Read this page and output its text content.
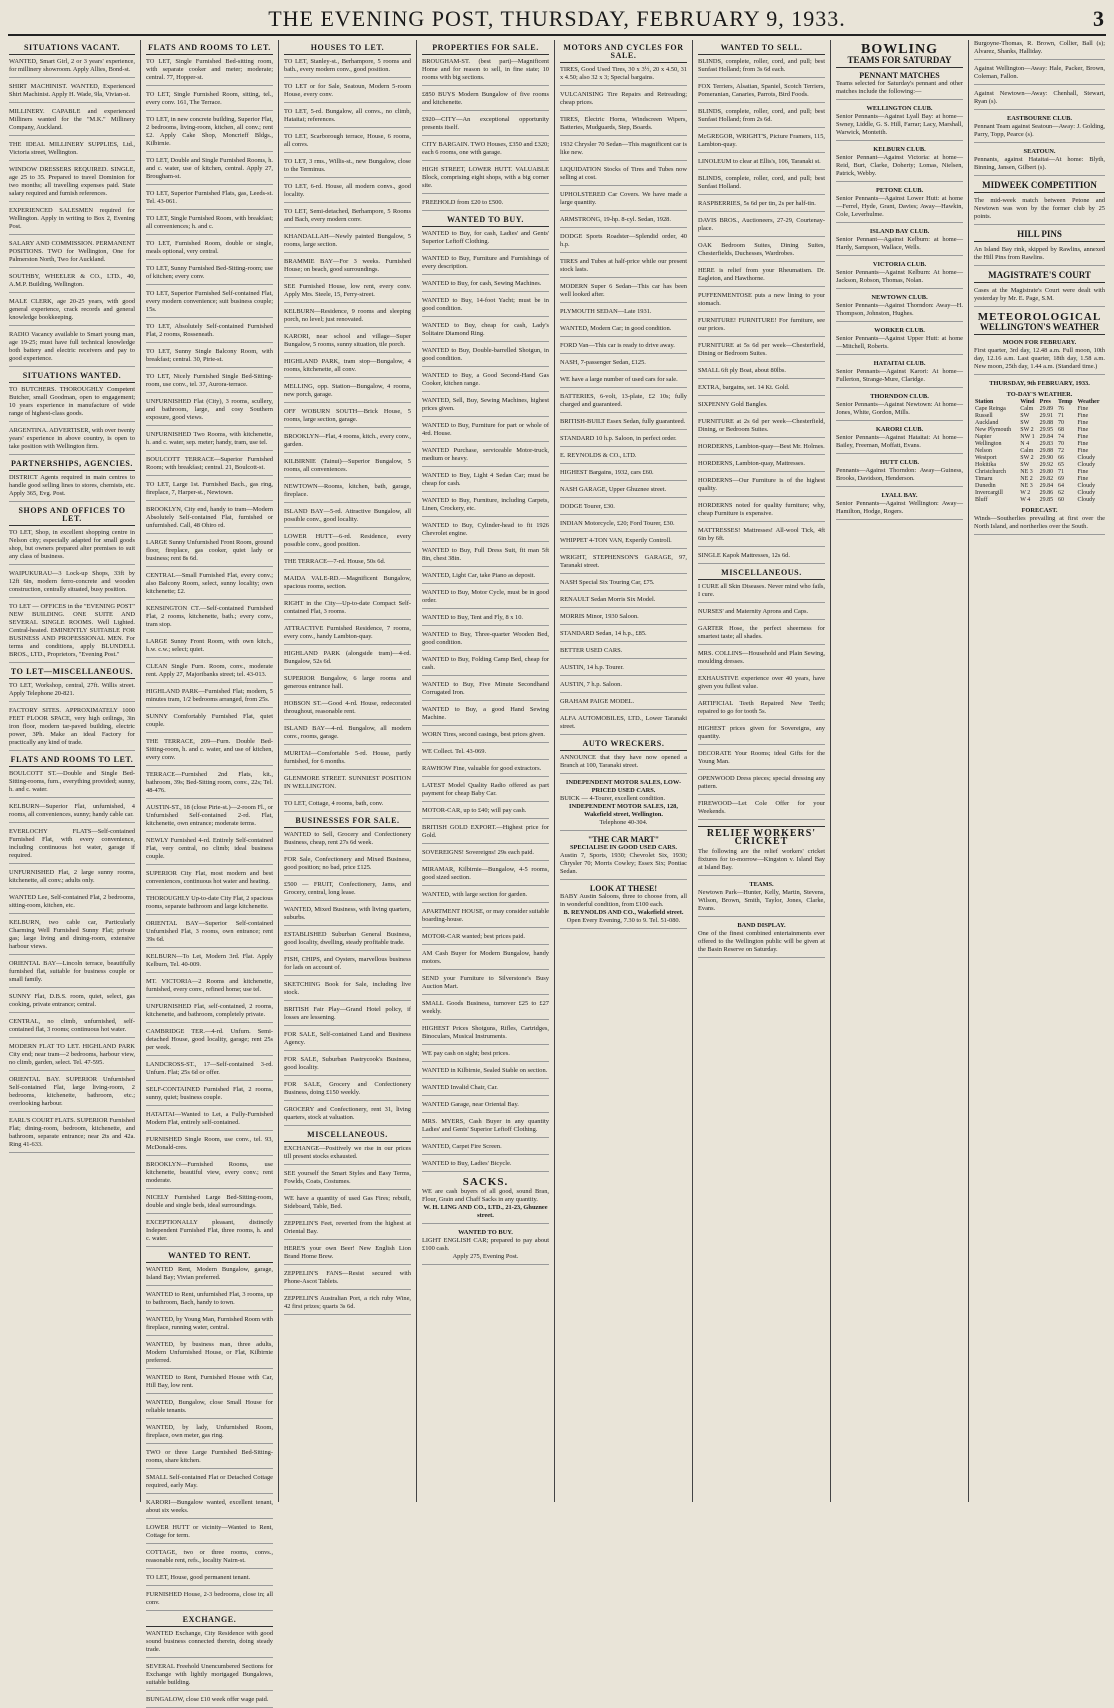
THE EVENING POST, THURSDAY, FEBRUARY 9, 1933.	3
SITUATIONS VACANT.
WANTED, Smart Girl, 2 or 3 years' experience, for millinery showroom. Apply Allies, Bond-st.
SHIRT MACHINIST. WANTED, Experienced Shirt Machinist. Apply H. Wade, 9la, Vivian-st.
MILLINERY. CAPABLE and experienced Milliners wanted for the "M.K." Millinery Company, Auckland.
THE IDEAL MILLINERY SUPPLIES, Ltd., Victoria street, Wellington.
WINDOW DRESSERS REQUIRED. SINGLE, age 25 to 35. Prepared to travel Dominion for two months; all travelling expenses paid. State salary required and furnish references.
EXPERIENCED SALESMEN required for Wellington. Apply in writing to Box 2, Evening Post.
SALARY AND COMMISSION. PERMANENT POSITIONS. TWO for Wellington, One for Palmerston North, Two for Auckland.
SOUTHBY, WHEELER & CO., LTD., 40, A.M.P. Building, Wellington.
MALE CLERK, age 20-25 years, with good general experience, crack records and general knowledge bookkeeping.
RADIO Vacancy available to Smart young man, age 19-25; must have full technical knowledge both battery and electric receivers and pay to good experience.
SITUATIONS WANTED.
TO BUTCHERS. THOROUGHLY Competent Butcher, small Goodman, open to engagement; 10 years experience in manufacture of wide range of highest-class goods.
ARGENTINA. ADVERTISER, with over twenty years' experience in above country, is open to take position with Wellington firm.
PARTNERSHIPS, AGENCIES.
DISTRICT Agents required in main centres to handle good selling lines to stores, chemists, etc. Apply 365, Evg. Post.
SHOPS AND OFFICES TO LET.
TO LET, Shop, in excellent shopping centre in Nelson city; especially adapted for small goods shop, but owners prepared alter premises to suit any class of business.
WAIPUKURAU—3 Lock-up Shops, 33ft by 12ft 6in, modern ferro-concrete and wooden construction, centrally situated, busy position.
TO LET — OFFICES in the "EVENING POST" NEW BUILDING. ONE SUITE AND SEVERAL SINGLE ROOMS. Well Lighted. Central-heated. EMINENTLY SUITABLE FOR BUSINESS AND PROFESSIONAL MEN. For terms and conditions, apply BLUNDELL BROS., LTD., Proprietors, "Evening Post."
TO LET—MISCELLANEOUS.
TO LET, Workshop, central, 27ft. Willis street. Apply Telephone 20-821.
FACTORY SITES. APPROXIMATELY 1000 FEET FLOOR SPACE, very high ceilings, 3in iron floor, modern tar-paved building, electric power, 3Ph. Make an ideal Factory for practically any kind of trade.
FLATS AND ROOMS TO LET.
BOULCOTT ST.—Double and Single Bed-Sitting-rooms, furn., everything provided; sunny, h. and c. water.
KELBURN—Superior Flat, unfurnished, 4 rooms, all conveniences, sunny; handy cable car.
EVERLOCHY FLATS—Self-contained Furnished Flat, with every convenience, including continuous hot water, garage if required.
UNFURNISHED Flat, 2 large sunny rooms, kitchenette, all conv.; adults only.
WANTED Lee, Self-contained Flat, 2 bedrooms, sitting-room, kitchen, etc.
KELBURN, two cable car, Particularly Charming Well Furnished Sunny Flat; private gas; large living and dining-room, extensive harbour views.
ORIENTAL BAY—Lincoln terrace, beautifully furnished flat, suitable for business couple or small family.
SUNNY Flat, D.B.S. room, quiet, select, gas cooking, private entrance; central.
CENTRAL, no climb, unfurnished, self-contained flat, 3 rooms; continuous hot water.
MODERN FLAT TO LET. HIGHLAND PARK City end; near tram—2 bedrooms, harbour view, no climb, garden, select. Tel. 47-595.
ORIENTAL BAY. SUPERIOR Unfurnished Self-contained Flat, large living-room, 2 bedrooms, kitchenette, bathroom, etc.; overlooking harbour.
EARL'S COURT FLATS. SUPERIOR Furnished Flat; dining-room, bedroom, kitchenette, and bathroom, separate entrance; near 2ts and 42a. Ring 41-633.
FLATS AND ROOMS TO LET.
TO LET, Single Furnished Bed-sitting room, with separate cooker and meter; moderate; central. 77, Hopper-st.
TO LET, Single Furnished Room, sitting, tel., every conv. 161, The Terrace.
TO LET, in new concrete building, Superior Flat, 2 bedrooms, living-room, kitchen, all conv.; rent £2. Apply Cake Shop, Moncrieff Bldgs., Kilbirnie.
TO LET, Double and Single Furnished Rooms, h. and c. water, use of kitchen, central. Apply 27, Brougham-st.
TO LET, Superior Furnished Flats, gas, Leeds-st. Tel. 43-061.
TO LET, Single Furnished Room, with breakfast; all conveniences; h. and c.
TO LET, Furnished Room, double or single, meals optional, very central.
TO LET, Sunny Furnished Bed-Sitting-room; use of kitchen; every conv.
TO LET, Superior Furnished Self-contained Flat, every modern convenience; suit business couple; 15s.
TO LET, Absolutely Self-contained Furnished Flat, 2 rooms, Rosseneath.
TO LET, Sunny Single Balcony Room, with breakfast; central. 30, Pirie-st.
TO LET, Nicely Furnished Single Bed-Sitting-room, use conv., tel. 37, Aurora-terrace.
UNFURNISHED Flat (City), 3 rooms, scullery, and bathroom, large, and cosy Southern exposure, good views.
UNFURNISHED Two Rooms, with kitchenette, h. and c. water, sep. meter; handy, tram, use tel.
BOULCOTT TERRACE—Superior Furnished Room; with breakfast; central. 21, Boulcott-st.
TO LET, Large 1st. Furnished Bach., gas ring, fireplace, 7, Harper-st., Newtown.
BROOKLYN, City end, handy to tram—Modern Absolutely Self-contained Flat, furnished or unfurnished. Call, 48 Ohiro rd.
LARGE Sunny Unfurnished Front Room, ground floor, fireplace, gas cooker, quiet lady or business; rent 8s 6d.
CENTRAL—Small Furnished Flat, every conv.; also Balcony Room, select, sunny locality; own kitchenette; £2.
KENSINGTON CT.—Self-contained Furnished Flat, 2 rooms, kitchenette, bath.; every conv., tram stop.
LARGE Sunny Front Room, with own kitch., h.w. c.w.; select; quiet.
CLEAN Single Furn. Room, conv., moderate rent. Apply 27, Majoribanks street; tel. 43-013.
HIGHLAND PARK—Furnished Flat; modern, 5 minutes tram, 1/2 bedrooms arranged, from 25s.
SUNNY Comfortably Furnished Flat, quiet couple.
THE TERRACE, 209—Furn. Double Bed-Sitting-room, h. and c. water, and use of kitchen, every conv.
TERRACE—Furnished 2nd Flats, kit., bathroom, 39s; Bed-Sitting room, conv., 22s; Tel. 48-476.
AUSTIN-ST., 18 (close Pirie-st.)—2-room Fl., or Unfurnished Self-contained 2-rd. Flat, kitchenette, own entrance; moderate terms.
NEWLY Furnished 4-rd. Entirely Self-contained Flat, very central, no climb; ideal business couple.
SUPERIOR City Flat, most modern and best conveniences, continuous hot water and heating.
THOROUGHLY Up-to-date City Flat, 2 spacious rooms, separate bathroom and large kitchenette.
ORIENTAL BAY—Superior Self-contained Unfurnished Flat, 3 rooms, own entrance; rent 39s 6d.
KELBURN—To Let, Modern 3rd. Flat. Apply Kelburn, Tel. 40-009.
MT. VICTORIA—2 Rooms and kitchenette, furnished, every conv., refined home; use tel.
UNFURNISHED Flat, self-contained, 2 rooms, kitchenette, and bathroom, completely private.
CAMBRIDGE TER.—4-rd. Unfurn. Semi-detached House, good locality, garage; rent 25s per week.
LANDCROSS-ST., 17—Self-contained 3-rd. Unfurn. Flat; 25s 6d or offer.
SELF-CONTAINED Furnished Flat, 2 rooms, sunny, quiet; business couple.
HATAITAI—Wanted to Let, a Fully-Furnished Modern Flat, entirely self-contained.
FURNISHED Single Room, use conv., tel. 93, McDonald-cres.
BROOKLYN—Furnished Rooms, use kitchenette, beautiful view, every conv.; rent moderate.
NICELY Furnished Large Bed-Sitting-room, double and single beds, ideal surroundings.
EXCEPTIONALLY pleasant, distinctly Independent Furnished Flat, three rooms, h. and c. water.
WANTED TO RENT.
WANTED Rent, Modern Bungalow, garage, Island Bay; Vivian preferred.
WANTED to Rent, unfurnished Flat, 3 rooms, up to bathroom, Bach, handy to town.
WANTED, by Young Man, Furnished Room with fireplace, running water, central.
WANTED, by business man, three adults, Modern Unfurnished House, or Flat, Kilbirnie preferred.
WANTED to Rent, Furnished House with Car, Hill Bay, low rent.
WANTED, Bungalow, close Small House for reliable tenants.
WANTED, by lady, Unfurnished Room, fireplace, own meter, gas ring.
TWO or three Large Furnished Bed-Sitting-rooms, share kitchen.
SMALL Self-contained Flat or Detached Cottage required, early May.
KARORI—Bungalow wanted, excellent tenant, about six weeks.
LOWER HUTT or vicinity—Wanted to Rent, Cottage for term.
COTTAGE, two or three rooms, convs., reasonable rent, refs., locality Nairn-st.
TO LET, House, good permanent tenant.
FURNISHED House, 2-3 bedrooms, close in; all conv.
EXCHANGE.
WANTED Exchange, City Residence with good sound business connected therein, doing steady trade.
SEVERAL Freehold Unencumbered Sections for Exchange with lightly mortgaged Bungalows, suitable building.
BUNGALOW, close £10 week offer wage paid.
HOUSES TO LET.
TO LET, Stanley-st., Berhampore, 5 rooms and bath., every modern conv., good position.
TO LET or for Sale, Seatoun, Modern 5-room House, every conv.
TO LET, 5-rd. Bungalow, all convs., no climb, Hataitai; references.
TO LET, Scarborough terrace, House, 6 rooms, all convs.
TO LET, 3 rms., Willis-st., new Bungalow, close to the Terminus.
TO LET, 6-rd. House, all modern convs., good locality.
TO LET, Semi-detached, Berhampore, 5 Rooms and Bach, every modern conv.
KHANDALLAH—Newly painted Bungalow, 5 rooms, large section.
BRAMMIE BAY—For 3 weeks. Furnished House; on beach, good surroundings.
SEE Furnished House, low rent, every conv. Apply Mrs. Steele, 15, Ferry-street.
KELBURN—Residence, 9 rooms and sleeping porch, no level; just renovated.
KARORI, near school and village—Super Bungalow, 5 rooms, sunny situation, tile porch.
HIGHLAND PARK, tram stop—Bungalow, 4 rooms, kitchenette, all conv.
MELLING, opp. Station—Bungalow, 4 rooms, new porch, garage.
OFF WOBURN SOUTH—Brick House, 5 rooms, large section, garage.
BROOKLYN—Flat, 4 rooms, kitch., every conv., garden.
KILBIRNIE (Tainui)—Superior Bungalow, 5 rooms, all conveniences.
NEWTOWN—Rooms, kitchen, bath, garage, fireplace.
ISLAND BAY—5-rd. Attractive Bungalow, all possible conv., good locality.
LOWER HUTT—6-rd. Residence, every possible conv., good position.
THE TERRACE—7-rd. House, 50s 6d.
MAIDA VALE-RD.—Magnificent Bungalow, spacious rooms, section.
RIGHT in the City—Up-to-date Compact Self-contained Flat, 3 rooms.
ATTRACTIVE Furnished Residence, 7 rooms, every conv., handy Lambton-quay.
HIGHLAND PARK (alongside tram)—4-rd. Bungalow, 52s 6d.
SUPERIOR Bungalow, 6 large rooms and generous entrance hall.
HOBSON ST.—Good 4-rd. House, redecorated throughout, reasonable rent.
ISLAND BAY—4-rd. Bungalow, all modern conv., rooms, garage.
MURITAI—Comfortable 5-rd. House, partly furnished, for 6 months.
GLENMORE STREET. SUNNIEST POSITION IN WELLINGTON.
TO LET, Cottage, 4 rooms, bath, conv.
BUSINESSES FOR SALE.
WANTED to Sell, Grocery and Confectionery Business, cheap, rent 27s 6d week.
FOR Sale, Confectionery and Mixed Business, good position; no bad, price £125.
£500 — FRUIT, Confectionery, Jams, and Grocery, central, long lease.
WANTED, Mixed Business, with living quarters, suburbs.
ESTABLISHED Suburban General Business, good locality, dwelling, steady profitable trade.
FISH, CHIPS, and Oysters, marvellous business for lads on account of.
SKETCHING Book for Sale, including live stock.
BRITISH Fair Play—Grand Hotel policy, if losses are lessening.
FOR SALE, Self-contained Land and Business Agency.
FOR SALE, Suburban Pastrycook's Business, good locality.
FOR SALE, Grocery and Confectionery Business, doing £150 weekly.
GROCERY and Confectionery, rent 31, living quarters, stock at valuation.
MISCELLANEOUS.
EXCHANGE—Positively we rise in our prices till present stocks exhausted.
SEE yourself the Smart Styles and Easy Terms, Fowlds, Coats, Costumes.
WE have a quantity of used Gas Fires; rebuilt, Sideboard, Table, Bed.
ZEPPELIN'S Feet, reverted from the highest at Oriental Bay.
HERE'S your own Beer! New English Lion Brand Home Brew.
ZEPPELIN'S FANS—Resist secured with Phone-Ascot Tablets.
ZEPPELIN'S Australian Port, a rich ruby Wine, 42 first prizes; quarts 3s 6d.
PROPERTIES FOR SALE.
BROUGHAM-ST. (best part)—Magnificent Home and for reason to sell, in fine state; 10 rooms with big sections.
£850 BUYS Modern Bungalow of five rooms and kitchenette.
£920—CITY—An exceptional opportunity presents itself.
CITY BARGAIN. TWO Houses, £350 and £320; each 6 rooms, one with garage.
HIGH STREET, LOWER HUTT. VALUABLE Block, comprising eight shops, with a big corner site.
FREEHOLD from £20 to £500.
WANTED TO BUY.
WANTED to Buy, for cash, Ladies' and Gents' Superior Leftoff Clothing.
WANTED to Buy, Furniture and Furnishings of every description.
WANTED to Buy, for cash, Sewing Machines.
WANTED to Buy, 14-foot Yacht; must be in good condition.
WANTED to Buy, cheap for cash, Lady's Solitaire Diamond Ring.
WANTED to Buy, Double-barrelled Shotgun, in good condition.
WANTED to Buy, a Good Second-Hand Gas Cooker, kitchen range.
WANTED, Sell, Buy, Sewing Machines, highest prices given.
WANTED to Buy, Furniture for part or whole of 4rd. House.
WANTED Purchase, serviceable Motor-truck, medium or heavy.
WANTED to Buy, Light 4 Sedan Car; must be cheap for cash.
WANTED to Buy, Furniture, including Carpets, Linen, Crockery, etc.
WANTED to Buy, Cylinder-head to fit 1926 Chevrolet engine.
WANTED to Buy, Full Dress Suit, fit man 5ft 8in, chest 38in.
WANTED, Light Car, take Piano as deposit.
WANTED to Buy, Motor Cycle, must be in good order.
WANTED to Buy, Tent and Fly, 8 x 10.
WANTED to Buy, Three-quarter Wooden Bed, good condition.
WANTED to Buy, Folding Camp Bed, cheap for cash.
WANTED to Buy, Five Minute Secondhand Corrugated Iron.
WANTED to Buy, a good Hand Sewing Machine.
WORN Tires, second casings, best prices given.
WE Collect. Tel. 43-069.
RAWHOW Fine, valuable for good extractors.
LATEST Model Quality Radio offered as part payment for cheap Baby Car.
MOTOR-CAR, up to £40; will pay cash.
BRITISH GOLD EXPORT.—Highest price for Gold.
SOVEREIGNS! Sovereigns! 29s each paid.
MIRAMAR, Kilbirnie—Bungalow, 4-5 rooms, good sized section.
WANTED, with large section for garden.
APARTMENT HOUSE, or may consider suitable boarding-house.
MOTOR-CAR wanted; best prices paid.
AM Cash Buyer for Modern Bungalow, handy motors.
SEND your Furniture to Silverstone's Busy Auction Mart.
SMALL Goods Business, turnover £25 to £27 weekly.
HIGHEST Prices Shotguns, Rifles, Cartridges, Binoculars, Musical Instruments.
WE pay cash on sight; best prices.
WANTED in Kilbirnie, Sealed Stable on section.
WANTED Invalid Chair, Car.
WANTED Garage, near Oriental Bay.
MRS. MYERS, Cash Buyer in any quantity Ladies' and Gents' Superior Leftoff Clothing.
WANTED, Carpet Fire Screen.
WANTED to Buy, Ladies' Bicycle.
SACKS.
WE are cash buyers of all good, sound Bran, Flour, Grain and Chaff Sacks in any quantity.
W. H. LING AND CO., LTD., 21-23, Ghuznee street.
WANTED TO BUY.
LIGHT ENGLISH CAR; prepared to pay about £100 cash.
Apply 275, Evening Post.
MOTORS AND CYCLES FOR SALE.
TIRES, Good Used Tires, 30 x 3½, 20 x 4.50, 31 x 4.50; also 32 x 3; Special bargains.
VULCANISING Tire Repairs and Retreading; cheap prices.
TIRES, Electric Horns, Windscreen Wipers, Batteries, Mudguards, Step, Boards.
1932 Chrysler 70 Sedan—This magnificent car is like new.
LIQUIDATION Stocks of Tires and Tubes now selling at cost.
UPHOLSTERED Car Covers. We have made a large quantity.
ARMSTRONG, 19-hp. 8-cyl. Sedan, 1928.
DODGE Sports Roadster—Splendid order, 40 h.p.
TIRES and Tubes at half-price while our present stock lasts.
MODERN Super 6 Sedan—This car has been well looked after.
PLYMOUTH SEDAN—Late 1931.
WANTED, Modern Car; in good condition.
FORD Van—This car is ready to drive away.
NASH, 7-passenger Sedan, £125.
WE have a large number of used cars for sale.
BATTERIES, 6-volt, 13-plate, £2 10s; fully charged and guaranteed.
BRITISH-BUILT Essex Sedan, fully guaranteed.
STANDARD 10 h.p. Saloon, in perfect order.
E. REYNOLDS & CO., LTD.
HIGHEST Bargains, 1932, cars £60.
NASH GARAGE, Upper Ghuznee street.
DODGE Tourer, £30.
INDIAN Motorcycle, £20; Ford Tourer, £30.
WHIPPET 4-TON VAN, Expertly Controll.
WRIGHT, STEPHENSON'S GARAGE, 97, Taranaki street.
NASH Special Six Touring Car, £75.
RENAULT Sedan Morris Six Model.
MORRIS Minor, 1930 Saloon.
STANDARD Sedan, 14 h.p., £85.
BETTER USED CARS.
AUSTIN, 14 h.p. Tourer.
AUSTIN, 7 h.p. Saloon.
GRAHAM PAIGE MODEL.
ALFA AUTOMOBILES, LTD., Lower Taranaki street.
AUTO WRECKERS.
ANNOUNCE that they have now opened a Branch at 100, Taranaki street.
INDEPENDENT MOTOR SALES, LOW-PRICED USED CARS.
BUICK — 4-Tourer, excellent condition.
INDEPENDENT MOTOR SALES, 128, Wakefield street, Wellington.
Telephone 40-304.
"THE CAR MART"
SPECIALISE IN GOOD USED CARS.
Austin 7, Sports, 1930; Chevrolet Six, 1930; Chrysler 70; Morris Cowley; Essex Six; Pontiac Sedan.
LOOK AT THESE!
BABY Austin Saloons, three to choose from, all in wonderful condition, from £100 each.
B. REYNOLDS AND CO., Wakefield street.
Open Every Evening, 7.30 to 9. Tel. 51-080.
WANTED TO SELL.
BLINDS, complete, roller, cord, and pull; best Sunfast Holland; from 3s 6d each.
FOX Terriers, Alsatian, Spaniel, Scotch Terriers, Pomeranian, Canaries, Parrots, Bird Foods.
BLINDS, complete, roller, cord, and pull; best Sunfast Holland; from 2s 6d.
McGREGOR, WRIGHT'S, Picture Framers, 115, Lambton-quay.
LINOLEUM to clear at Ellis's, 106, Taranaki st.
BLINDS, complete, roller, cord, and pull; best Sunfast Holland.
RASPBERRIES, 5s 6d per tin, 2s per half-tin.
DAVIS BROS., Auctioneers, 27-29, Courtenay-place.
OAK Bedroom Suites, Dining Suites, Chesterfields, Duchesses, Wardrobes.
HERE is relief from your Rheumatism. Dr. Eagleton, and Hawthorne.
PUFFENMENTOSE puts a new lining to your stomach.
FURNITURE! FURNITURE! For furniture, see our prices.
FURNITURE at 5s 6d per week—Chesterfield, Dining or Bedroom Suites.
SMALL 6ft ply Boat, about 80lbs.
EXTRA, bargains, set. 14 Kt. Gold.
SIXPENNY Gold Bangles.
FURNITURE at 2s 6d per week—Chesterfield, Dining, or Bedroom Suites.
HORDERNS, Lambton-quay—Best Mr. Holmes.
HORDERNS, Lambton-quay, Mattresses.
HORDERNS—Our Furniture is of the highest quality.
HORDERNS noted for quality furniture; why, cheap Furniture is expensive.
MATTRESSES! Mattresses! All-wool Tick, 4ft 6in by 6ft.
SINGLE Kapok Mattresses, 12s 6d.
MISCELLANEOUS.
I CURE all Skin Diseases. Never mind who fails, I cure.
NURSES' and Maternity Aprons and Caps.
GARTER Hose, the perfect sheerness for smartest taste; all shades.
MRS. COLLINS—Household and Plain Sewing, moulding dresses.
EXHAUSTIVE experience over 40 years, have given you fullest value.
ARTIFICIAL Teeth Repaired New Teeth; repaired to go for tooth 5s.
HIGHEST prices given for Sovereigns, any quantity.
DECORATE Your Rooms; ideal Gifts for the Young Man.
OPENWOOD Dress pieces; special dressing any pattern.
FIREWOOD—Let Cole Offer for your Weekends.
RELIEF WORKERS' CRICKET
The following are the relief workers' cricket fixtures for to-morrow—Kingston v. Island Bay at Island Bay.
TEAMS.
Newtown Park—Hunter, Kelly, Martin, Stevens, Wilson, Brown, Smith, Taylor, Jones, Clarke, Evans.
BAND DISPLAY.
One of the finest combined entertainments ever offered to the Wellington public will be given at the Basin Reserve on Saturday.
BOWLING
TEAMS FOR SATURDAY
PENNANT MATCHES
Teams selected for Saturday's pennant and other matches include the following:—
WELLINGTON CLUB.
Senior Pennants—Against Lyall Bay: at home—Swney, Liddle, G. S. Hill, Farrar; Lacy, Marshall, Warwick, Monteith.
KELBURN CLUB.
Senior Pennant—Against Victoria: at home—Reid, Burt, Clarke, Doherty; Lomas, Nielsen, Patrick, Webby.
PETONE CLUB.
Senior Pennants—Against Lower Hutt: at home—Ferrel, Hyde, Grant, Davies; Away—Hawkin, Cole, Leverhulme.
ISLAND BAY CLUB.
Senior Pennant—Against Kelburn: at home—Hardy, Sampson, Wallace, Wells.
VICTORIA CLUB.
Senior Pennants—Against Kelburn: At home—Jackson, Robson, Thomas, Nolan.
NEWTOWN CLUB.
Senior Pennants—Against Thorndon: Away—H. Thompson, Johnston, Hughes.
WORKER CLUB.
Senior Pennants—Against Upper Hutt: at home—Mitchell, Roberts.
HATAITAI CLUB.
Senior Pennants—Against Karori: At home—Fullerton, Strange-Mure, Claridge.
THORNDON CLUB.
Senior Pennants—Against Newtown: At home—Jones, White, Gordon, Mills.
KARORI CLUB.
Senior Pennants—Against Hataitai: At home—Bailey, Freeman, Moffatt, Evans.
HUTT CLUB.
Pennants—Against Thorndon: Away—Guiness, Brooks, Davidson, Henderson.
LYALL BAY.
Senior Pennants—Against Wellington: Away—Hamilton, Hodge, Rogers.
Burgoyne-Thomas, R. Brown, Collier, Ball (s); Alvarez, Shanks, Halliday.
Against Wellington—Away: Hale, Packer, Brown, Coleman, Fallon.
Against Newtown—Away: Chenhall, Stewart, Ryan (s).
EASTBOURNE CLUB.
Pennant Team against Seatoun—Away: J. Golding, Parry, Topp, Pearce (s).
SEATOUN.
Pennants, against Hataitai—At home: Blyth, Binning, Jansen, Gilbert (s).
MIDWEEK COMPETITION
The mid-week match between Petone and Newtown was won by the former club by 25 points.
HILL PINS
An Island Bay rink, skipped by Rawlins, annexed the Hill Pins from Rawlins.
MAGISTRATE'S COURT
Cases at the Magistrate's Court were dealt with yesterday by Mr. E. Page, S.M.
METEOROLOGICAL
WELLINGTON'S WEATHER
MOON FOR FEBRUARY.
First quarter, 3rd day, 12.48 a.m. Full moon, 10th day, 12.16 a.m. Last quarter, 18th day, 1.58 a.m. New moon, 25th day, 1.44 a.m. (Standard time.)
THURSDAY, 9th FEBRUARY, 1933.
TO-DAY'S WEATHER.
Station	Wind	Pres	Temp	Weather
Cape Reinga	Calm	29.89	76	Fine
Russell	SW	29.91	71	Fine
Auckland	SW	29.88	70	Fine
New Plymouth	SW 2	29.95	68	Fine
Napier	NW 1	29.84	74	Fine
Wellington	N 4	29.83	70	Fine
Nelson	Calm	29.88	72	Fine
Westport	SW 2	29.90	66	Cloudy
Hokitika	SW	29.92	65	Cloudy
Christchurch	NE 3	29.80	71	Fine
Timaru	NE 2	29.82	69	Fine
Dunedin	NE 3	29.84	64	Cloudy
Invercargill	W 2	29.86	62	Cloudy
Bluff	W 4	29.85	60	Cloudy
FORECAST.
Winds—Southerlies prevailing at first over the North Island, and northerlies over the South.
